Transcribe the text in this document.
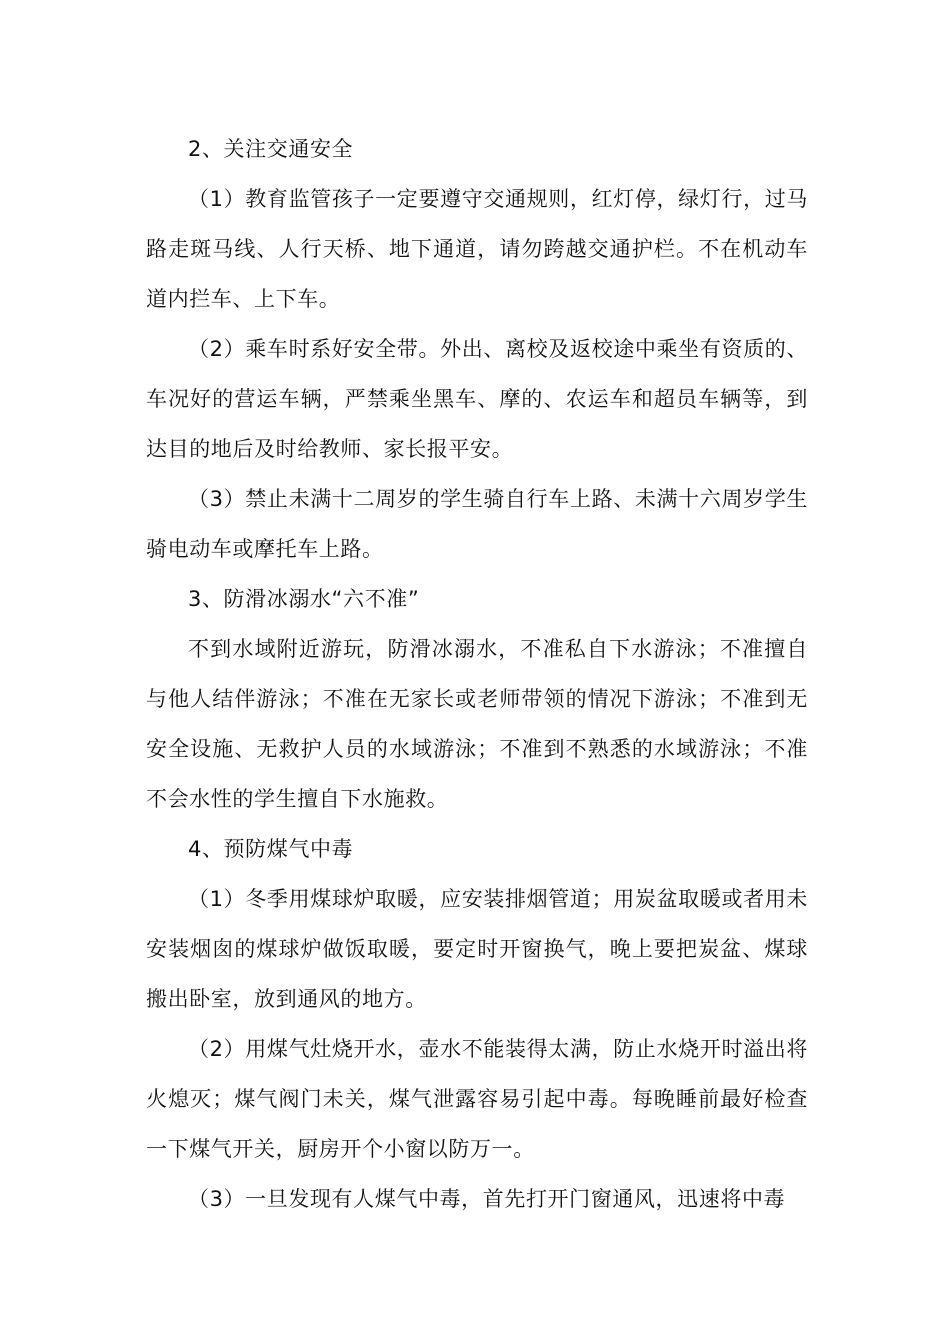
2、关注交通安全

（1）教育监管孩子一定要遵守交通规则，红灯停，绿灯行，过马路走斑马线、人行天桥、地下通道，请勿跨越交通护栏。不在机动车道内拦车、上下车。

（2）乘车时系好安全带。外出、离校及返校途中乘坐有资质的、车况好的营运车辆，严禁乘坐黑车、摩的、农运车和超员车辆等，到达目的地后及时给教师、家长报平安。

（3）禁止未满十二周岁的学生骑自行车上路、未满十六周岁学生骑电动车或摩托车上路。

3、防滑冰溺水“六不准”

不到水域附近游玩，防滑冰溺水，不准私自下水游泳；不准擅自与他人结伴游泳；不准在无家长或老师带领的情况下游泳；不准到无安全设施、无救护人员的水域游泳；不准到不熟悉的水域游泳；不准不会水性的学生擅自下水施救。

4、预防煤气中毒

（1）冬季用煤球炉取暖，应安装排烟管道；用炭盆取暖或者用未安装烟囱的煤球炉做饭取暖，要定时开窗换气，晚上要把炭盆、煤球搬出卧室，放到通风的地方。

（2）用煤气灶烧开水，壶水不能装得太满，防止水烧开时溢出将火熄灭；煤气阀门未关，煤气泄露容易引起中毒。每晚睡前最好检查一下煤气开关，厨房开个小窗以防万一。

（3）一旦发现有人煤气中毒，首先打开门窗通风，迅速将中毒
